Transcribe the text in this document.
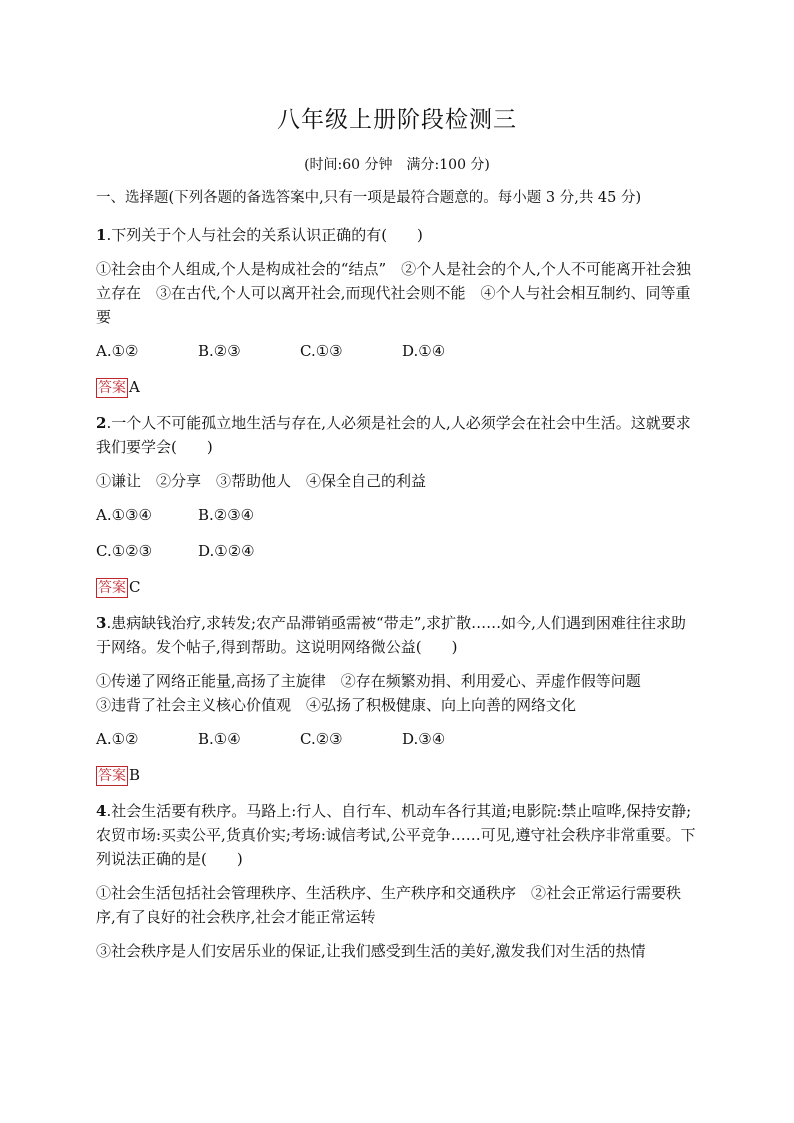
八年级上册阶段检测三
(时间:60 分钟　满分:100 分)
一、选择题(下列各题的备选答案中,只有一项是最符合题意的。每小题 3 分,共 45 分)
1.下列关于个人与社会的关系认识正确的有(　　)
①社会由个人组成,个人是构成社会的“结点”　②个人是社会的个人,个人不可能离开社会独立存在　③在古代,个人可以离开社会,而现代社会则不能　④个人与社会相互制约、同等重要
A.①②	B.②③	C.①③	D.①④
答案 A
2.一个人不可能孤立地生活与存在,人必须是社会的人,人必须学会在社会中生活。这就要求我们要学会(　　)
①谦让　②分享　③帮助他人　④保全自己的利益
A.①③④	B.②③④
C.①②③	D.①②④
答案 C
3.患病缺钱治疗,求转发;农产品滞销亟需被“带走”,求扩散……如今,人们遇到困难往往求助于网络。发个帖子,得到帮助。这说明网络微公益(　　)
①传递了网络正能量,高扬了主旋律　②存在频繁劝捐、利用爱心、弄虚作假等问题
③违背了社会主义核心价值观　④弘扬了积极健康、向上向善的网络文化
A.①②	B.①④	C.②③	D.③④
答案 B
4.社会生活要有秩序。马路上:行人、自行车、机动车各行其道;电影院:禁止喧哗,保持安静;农贸市场:买卖公平,货真价实;考场:诚信考试,公平竞争……可见,遵守社会秩序非常重要。下列说法正确的是(　　)
①社会生活包括社会管理秩序、生活秩序、生产秩序和交通秩序　②社会正常运行需要秩序,有了良好的社会秩序,社会才能正常运转
③社会秩序是人们安居乐业的保证,让我们感受到生活的美好,激发我们对生活的热情
